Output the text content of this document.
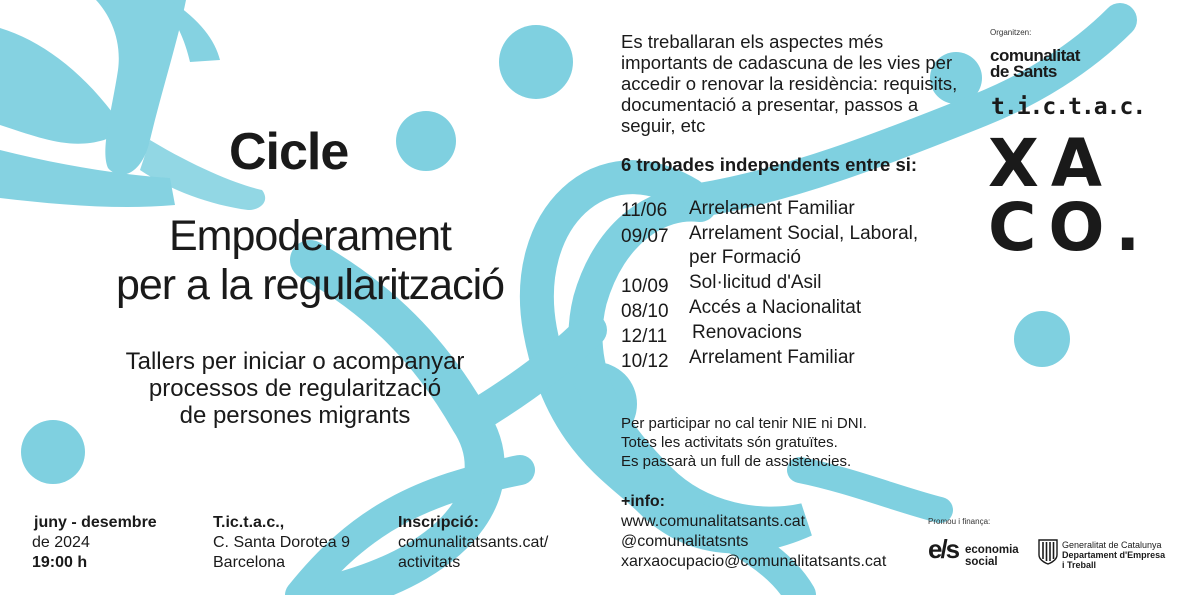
Cicle
Empoderament
per a la regularització
Tallers per iniciar o acompanyar
processos de regularització
de persones migrants
Es treballaran els aspectes més
importants de cadascuna de les vies per
accedir o renovar la residència: requisits,
documentació a presentar, passos a
seguir, etc
6 trobades independents entre si:
11/06 Arrelament Familiar
09/07 Arrelament Social, Laboral,
per Formació
10/09 Sol·licitud d'Asil
08/10 Accés a Nacionalitat
12/11 Renovacions
10/12 Arrelament Familiar
Per participar no cal tenir NIE ni DNI.
Totes les activitats són gratuïtes.
Es passarà un full de assistències.
+info:
www.comunalitatsants.cat
@comunalitatsnts
xarxaocupacio@comunalitatsants.cat
juny - desembre
de 2024
19:00 h
T.ic.t.a.c.,
C. Santa Dorotea 9
Barcelona
Inscripció:
comunalitatsants.cat/
activitats
Organitzen:
comunalitat
de Sants
t.i.c.t.a.c.
XA
CO.
Promou i finança:
e/s economia
social
Generalitat de Catalunya
Departament d'Empresa
i Treball
